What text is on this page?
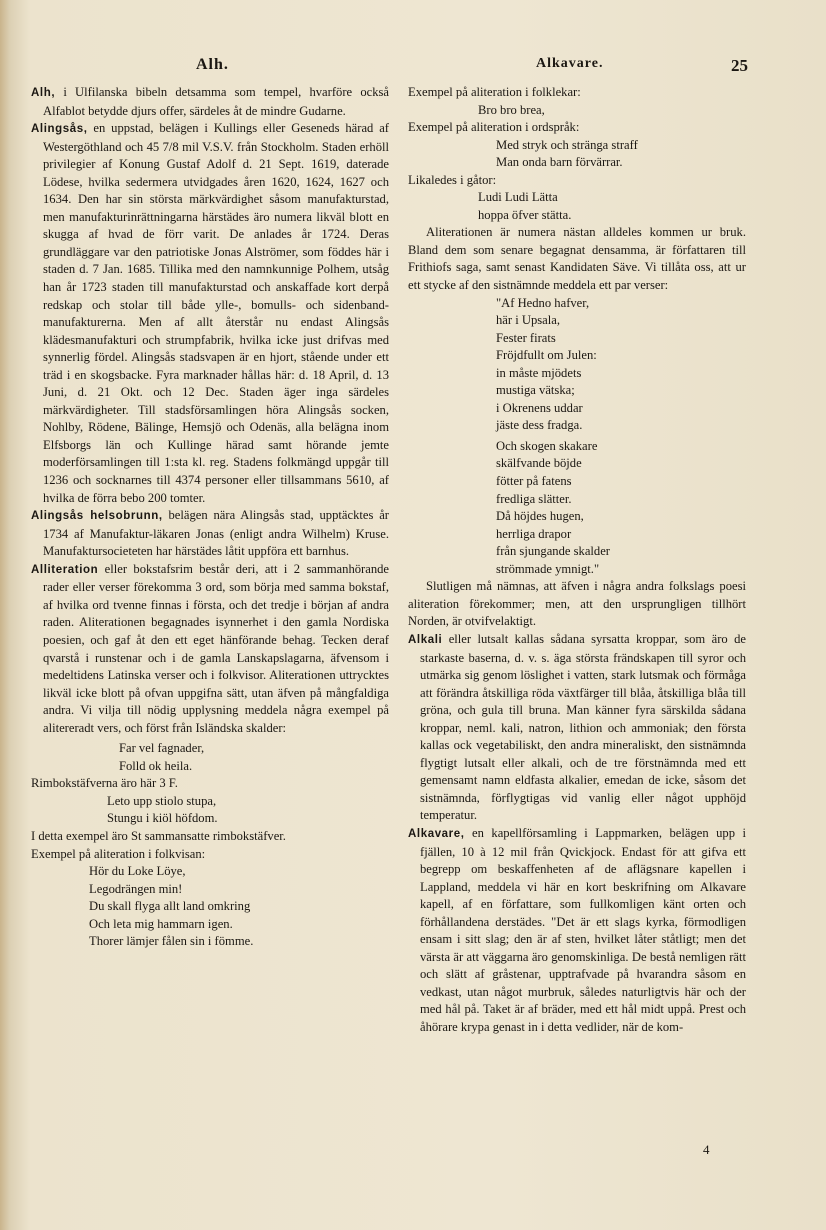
Alh.	Alkavare.	25

Alh, i Ulfilanska bibeln detsamma som tempel, hvarföre också Alfablot betydde djurs offer, särdeles åt de mindre Gudarne.

Alingsås, en uppstad, belägen i Kullings eller Geseneds härad af Westergöthland och 45 7/8 mil V.S.V. från Stockholm. Staden erhöll privilegier af Konung Gustaf Adolf d. 21 Sept. 1619, daterade Lödese, hvilka sedermera utvidgades åren 1620, 1624, 1627 och 1634. Den har sin största märkvärdighet såsom manufakturstad, men manufakturinrättningarna härstädes äro numera likväl blott en skugga af hvad de förr varit. De anlades år 1724. Deras grundläggare var den patriotiske Jonas Alströmer, som föddes här i staden d. 7 Jan. 1685. Tillika med den namnkunnige Polhem, utsåg han år 1723 staden till manufakturstad och anskaffade kort derpå redskap och stolar till både ylle-, bomulls- och sidenband-manufakturerna. Men af allt återstår nu endast Alingsås klädesmanufakturi och strumpfabrik, hvilka icke just drifvas med synnerlig fördel. Alingsås stadsvapen är en hjort, stående under ett träd i en skogsbacke. Fyra marknader hållas här: d. 18 April, d. 13 Juni, d. 21 Okt. och 12 Dec. Staden äger inga särdeles märkvärdigheter. Till stadsförsamlingen höra Alingsås socken, Nohlby, Rödene, Bälinge, Hemsjö och Odenäs, alla belägna inom Elfsborgs län och Kullinge härad samt hörande jemte moderförsamlingen till 1:sta kl. reg. Stadens folkmängd uppgår till 1236 och socknarnes till 4374 personer eller tillsammans 5610, af hvilka de förra bebo 200 tomter.

Alingsås helsobrunn, belägen nära Alingsås stad, upptäcktes år 1734 af Manufaktur-läkaren Jonas (enligt andra Wilhelm) Kruse. Manufaktursocieteten har härstädes låtit uppföra ett barnhus.

Alliteration eller bokstafsrim består deri, att i 2 sammanhörande rader eller verser förekomma 3 ord, som börja med samma bokstaf, af hvilka ord tvenne finnas i första, och det tredje i början af andra raden. Aliterationen begagnades isynnerhet i den gamla Nordiska poesien, och gaf åt den ett eget hänförande behag. Tecken deraf qvarstå i runstenar och i de gamla Lanskapslagarna, äfvensom i medeltidens Latinska verser och i folkvisor. Aliterationen uttrycktes likväl icke blott på ofvan uppgifna sätt, utan äfven på mångfaldiga andra. Vi vilja till nödig upplysning meddela några exempel på alitereradt vers, och först från Isländska skalder:

Far vel fagnader,

Folld ok heila.

Rimbokstäfverna äro här 3 F.

Leto upp stiolo stupa,

Stungu i kiöl höfdom.

I detta exempel äro St sammansatte rimbokstäfver.

Exempel på aliteration i folkvisan:

Hör du Loke Löye,

Legodrängen min!

Du skall flyga allt land omkring

Och leta mig hammarn igen.

Thorer lämjer fålen sin i fömme.

Exempel på aliteration i folklekar:

Bro bro brea,

Exempel på aliteration i ordspråk:

Med stryk och stränga straff

Man onda barn förvärrar.

Likaledes i gåtor:

Ludi Ludi Lätta

hoppa öfver stätta.

Aliterationen är numera nästan alldeles kommen ur bruk. Bland dem som senare begagnat densamma, är författaren till Frithiofs saga, samt senast Kandidaten Säve. Vi tillåta oss, att ur ett stycke af den sistnämnde meddela ett par verser:

"Af Hedno hafver,

här i Upsala,

Fester firats

Fröjdfullt om Julen:

in måste mjödets

mustiga vätska;

i Okrenens uddar

jäste dess fradga.

Och skogen skakare

skälfvande böjde

fötter på fatens

fredliga slätter.

Då höjdes hugen,

herrliga drapor

från sjungande skalder

strömmade ymnigt."

Slutligen må nämnas, att äfven i några andra folkslags poesi aliteration förekommer; men, att den ursprungligen tillhört Norden, är otvifvelaktigt.

Alkali eller lutsalt kallas sådana syrsatta kroppar, som äro de starkaste baserna, d. v. s. äga största frändskapen till syror och utmärka sig genom löslighet i vatten, stark lutsmak och förmåga att förändra åtskilliga röda växtfärger till blåa, åtskilliga blåa till gröna, och gula till bruna. Man känner fyra särskilda sådana kroppar, neml. kali, natron, lithion och ammoniak; den första kallas ock vegetabiliskt, den andra mineraliskt, den sistnämnda flygtigt lutsalt eller alkali, och de tre förstnämnda med ett gemensamt namn eldfasta alkalier, emedan de icke, såsom det sistnämnda, förflygtigas vid vanlig eller något upphöjd temperatur.

Alkavare, en kapellförsamling i Lappmarken, belägen upp i fjällen, 10 à 12 mil från Qvickjock. Endast för att gifva ett begrepp om beskaffenheten af de aflägsnare kapellen i Lappland, meddela vi här en kort beskrifning om Alkavare kapell, af en författare, som fullkomligen känt orten och förhållandena derstädes. "Det är ett slags kyrka, förmodligen ensam i sitt slag; den är af sten, hvilket låter ståtligt; men det värsta är att väggarna äro genomskinliga. De bestå nemligen rätt och slätt af gråstenar, upptrafvade på hvarandra såsom en vedkast, utan något murbruk, således naturligtvis här och der med hål på. Taket är af bräder, med ett hål midt uppå. Prest och åhörare krypa genast in i detta vedlider, när de kom-

4
